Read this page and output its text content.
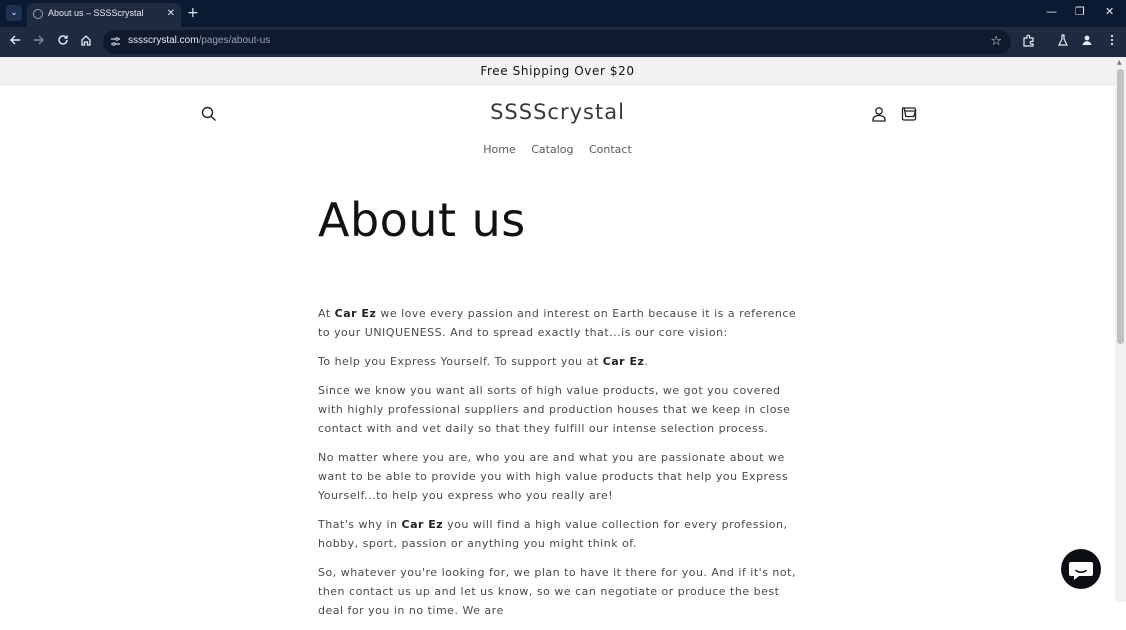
⌄	About us – SSSScrystal ✕ +	— ❐ ✕
sssscrystal.com/pages/about-us	☆
Free Shipping Over $20
SSSScrystal
Home Catalog Contact
About us

At Car Ez we love every passion and interest on Earth because it is a reference to your UNIQUENESS. And to spread exactly that...is our core vision:

To help you Express Yourself. To support you at Car Ez.

Since we know you want all sorts of high value products, we got you covered with highly professional suppliers and production houses that we keep in close contact with and vet daily so that they fulfill our intense selection process.

No matter where you are, who you are and what you are passionate about we want to be able to provide you with high value products that help you Express Yourself...to help you express who you really are!

That's why in Car Ez you will find a high value collection for every profession, hobby, sport, passion or anything you might think of.

So, whatever you're looking for, we plan to have it there for you. And if it's not, then contact us up and let us know, so we can negotiate or produce the best deal for you in no time. We are

▲
